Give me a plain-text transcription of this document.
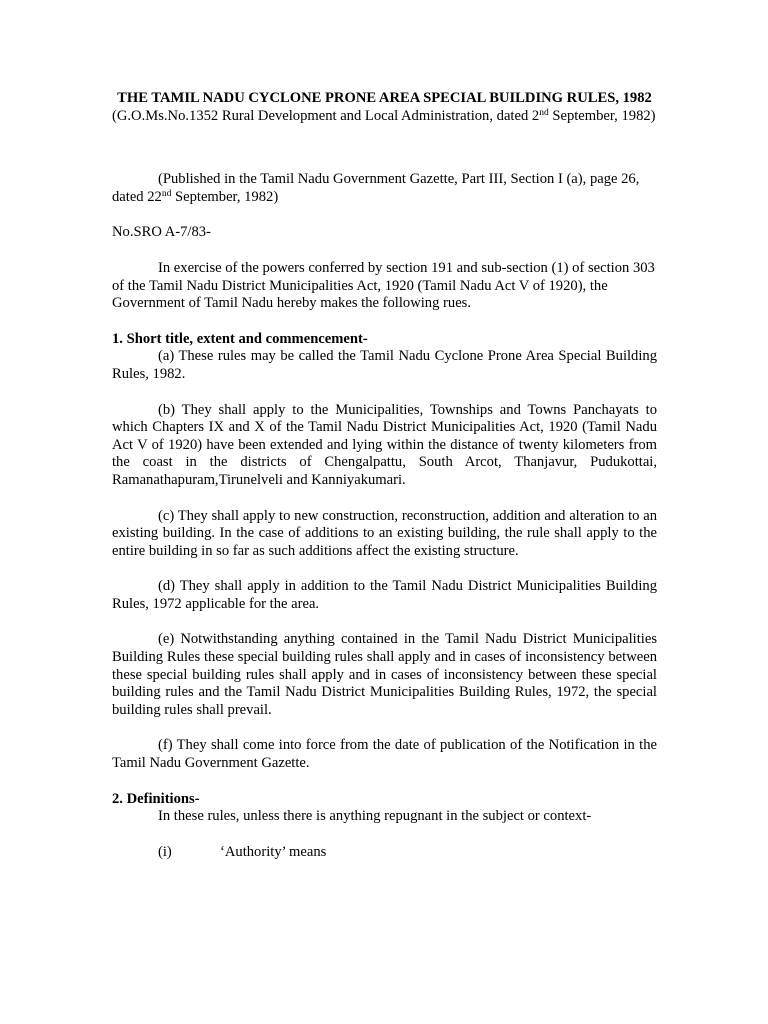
THE TAMIL NADU CYCLONE PRONE AREA SPECIAL BUILDING RULES, 1982

(G.O.Ms.No.1352 Rural Development and Local Administration, dated 2nd September, 1982)

(Published in the Tamil Nadu Government Gazette, Part III, Section I (a), page 26, dated 22nd September, 1982)

No.SRO A-7/83-

In exercise of the powers conferred by section 191 and sub-section (1) of section 303 of the Tamil Nadu District Municipalities Act, 1920 (Tamil Nadu Act V of 1920), the Government of Tamil Nadu hereby makes the following rues.

1. Short title, extent and commencement-

(a) These rules may be called the Tamil Nadu Cyclone Prone Area Special Building Rules, 1982.

(b) They shall apply to the Municipalities, Townships and Towns Panchayats to which Chapters IX and X of the Tamil Nadu District Municipalities Act, 1920 (Tamil Nadu Act V of 1920) have been extended and lying within the distance of twenty kilometers from the coast in the districts of Chengalpattu, South Arcot, Thanjavur, Pudukottai, Ramanathapuram,Tirunelveli and Kanniyakumari.

(c) They shall apply to new construction, reconstruction, addition and alteration to an existing building. In the case of additions to an existing building, the rule shall apply to the entire building in so far as such additions affect the existing structure.

(d) They shall apply in addition to the Tamil Nadu District Municipalities Building Rules, 1972 applicable for the area.

(e) Notwithstanding anything contained in the Tamil Nadu District Municipalities Building Rules these special building rules shall apply and in cases of inconsistency between these special building rules shall apply and in cases of inconsistency between these special building rules and the Tamil Nadu District Municipalities Building Rules, 1972, the special building rules shall prevail.

(f) They shall come into force from the date of publication of the Notification in the Tamil Nadu Government Gazette.

2. Definitions-

In these rules, unless there is anything repugnant in the subject or context-

(i)	‘Authority’ means
